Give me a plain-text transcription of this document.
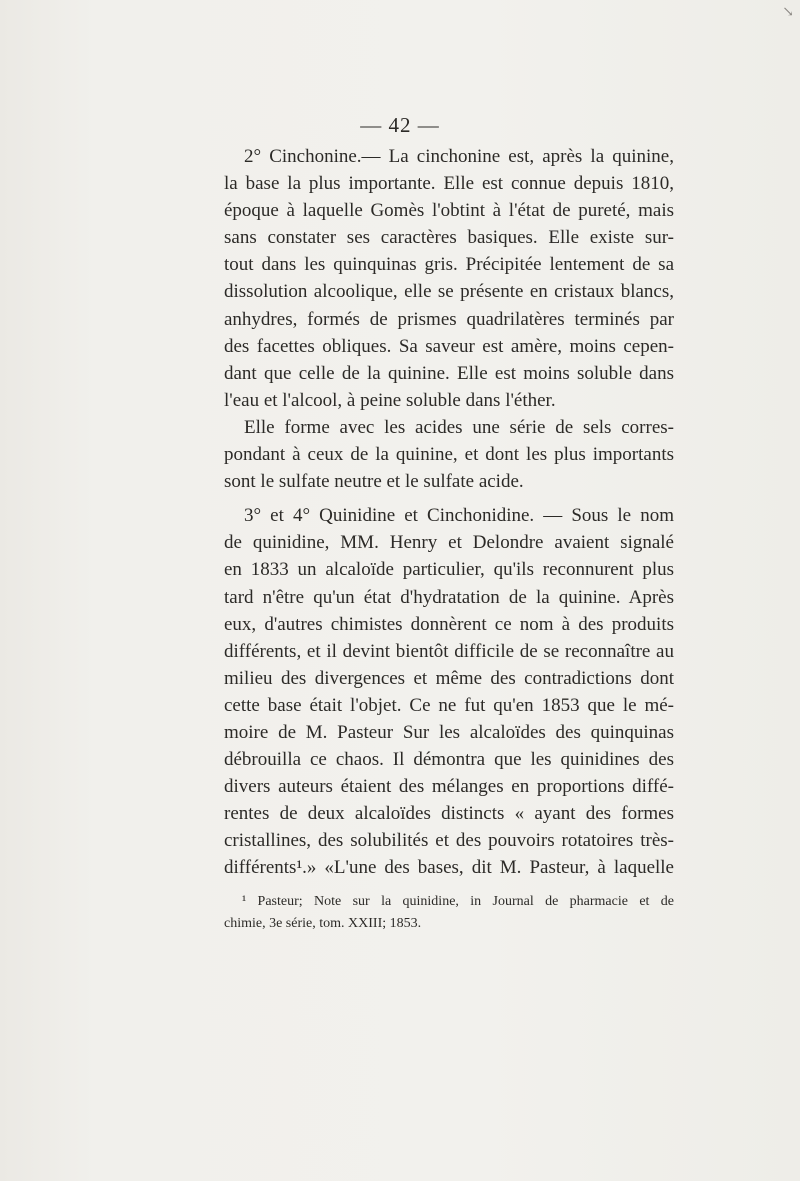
↘
— 42 —
2° Cinchonine.— La cinchonine est, après la quinine,
la base la plus importante. Elle est connue depuis 1810,
époque à laquelle Gomès l'obtint à l'état de pureté, mais
sans constater ses caractères basiques. Elle existe sur-
tout dans les quinquinas gris. Précipitée lentement de sa
dissolution alcoolique, elle se présente en cristaux blancs,
anhydres, formés de prismes quadrilatères terminés par
des facettes obliques. Sa saveur est amère, moins cepen-
dant que celle de la quinine. Elle est moins soluble dans
l'eau et l'alcool, à peine soluble dans l'éther.
Elle forme avec les acides une série de sels corres-
pondant à ceux de la quinine, et dont les plus importants
sont le sulfate neutre et le sulfate acide.
3° et 4° Quinidine et Cinchonidine. — Sous le nom
de quinidine, MM. Henry et Delondre avaient signalé
en 1833 un alcaloïde particulier, qu'ils reconnurent plus
tard n'être qu'un état d'hydratation de la quinine. Après
eux, d'autres chimistes donnèrent ce nom à des produits
différents, et il devint bientôt difficile de se reconnaître au
milieu des divergences et même des contradictions dont
cette base était l'objet. Ce ne fut qu'en 1853 que le mé-
moire de M. Pasteur Sur les alcaloïdes des quinquinas
débrouilla ce chaos. Il démontra que les quinidines des
divers auteurs étaient des mélanges en proportions diffé-
rentes de deux alcaloïdes distincts « ayant des formes
cristallines, des solubilités et des pouvoirs rotatoires très-
différents¹.» «L'une des bases, dit M. Pasteur, à laquelle
¹ Pasteur; Note sur la quinidine, in Journal de pharmacie et de
chimie, 3e série, tom. XXIII; 1853.
